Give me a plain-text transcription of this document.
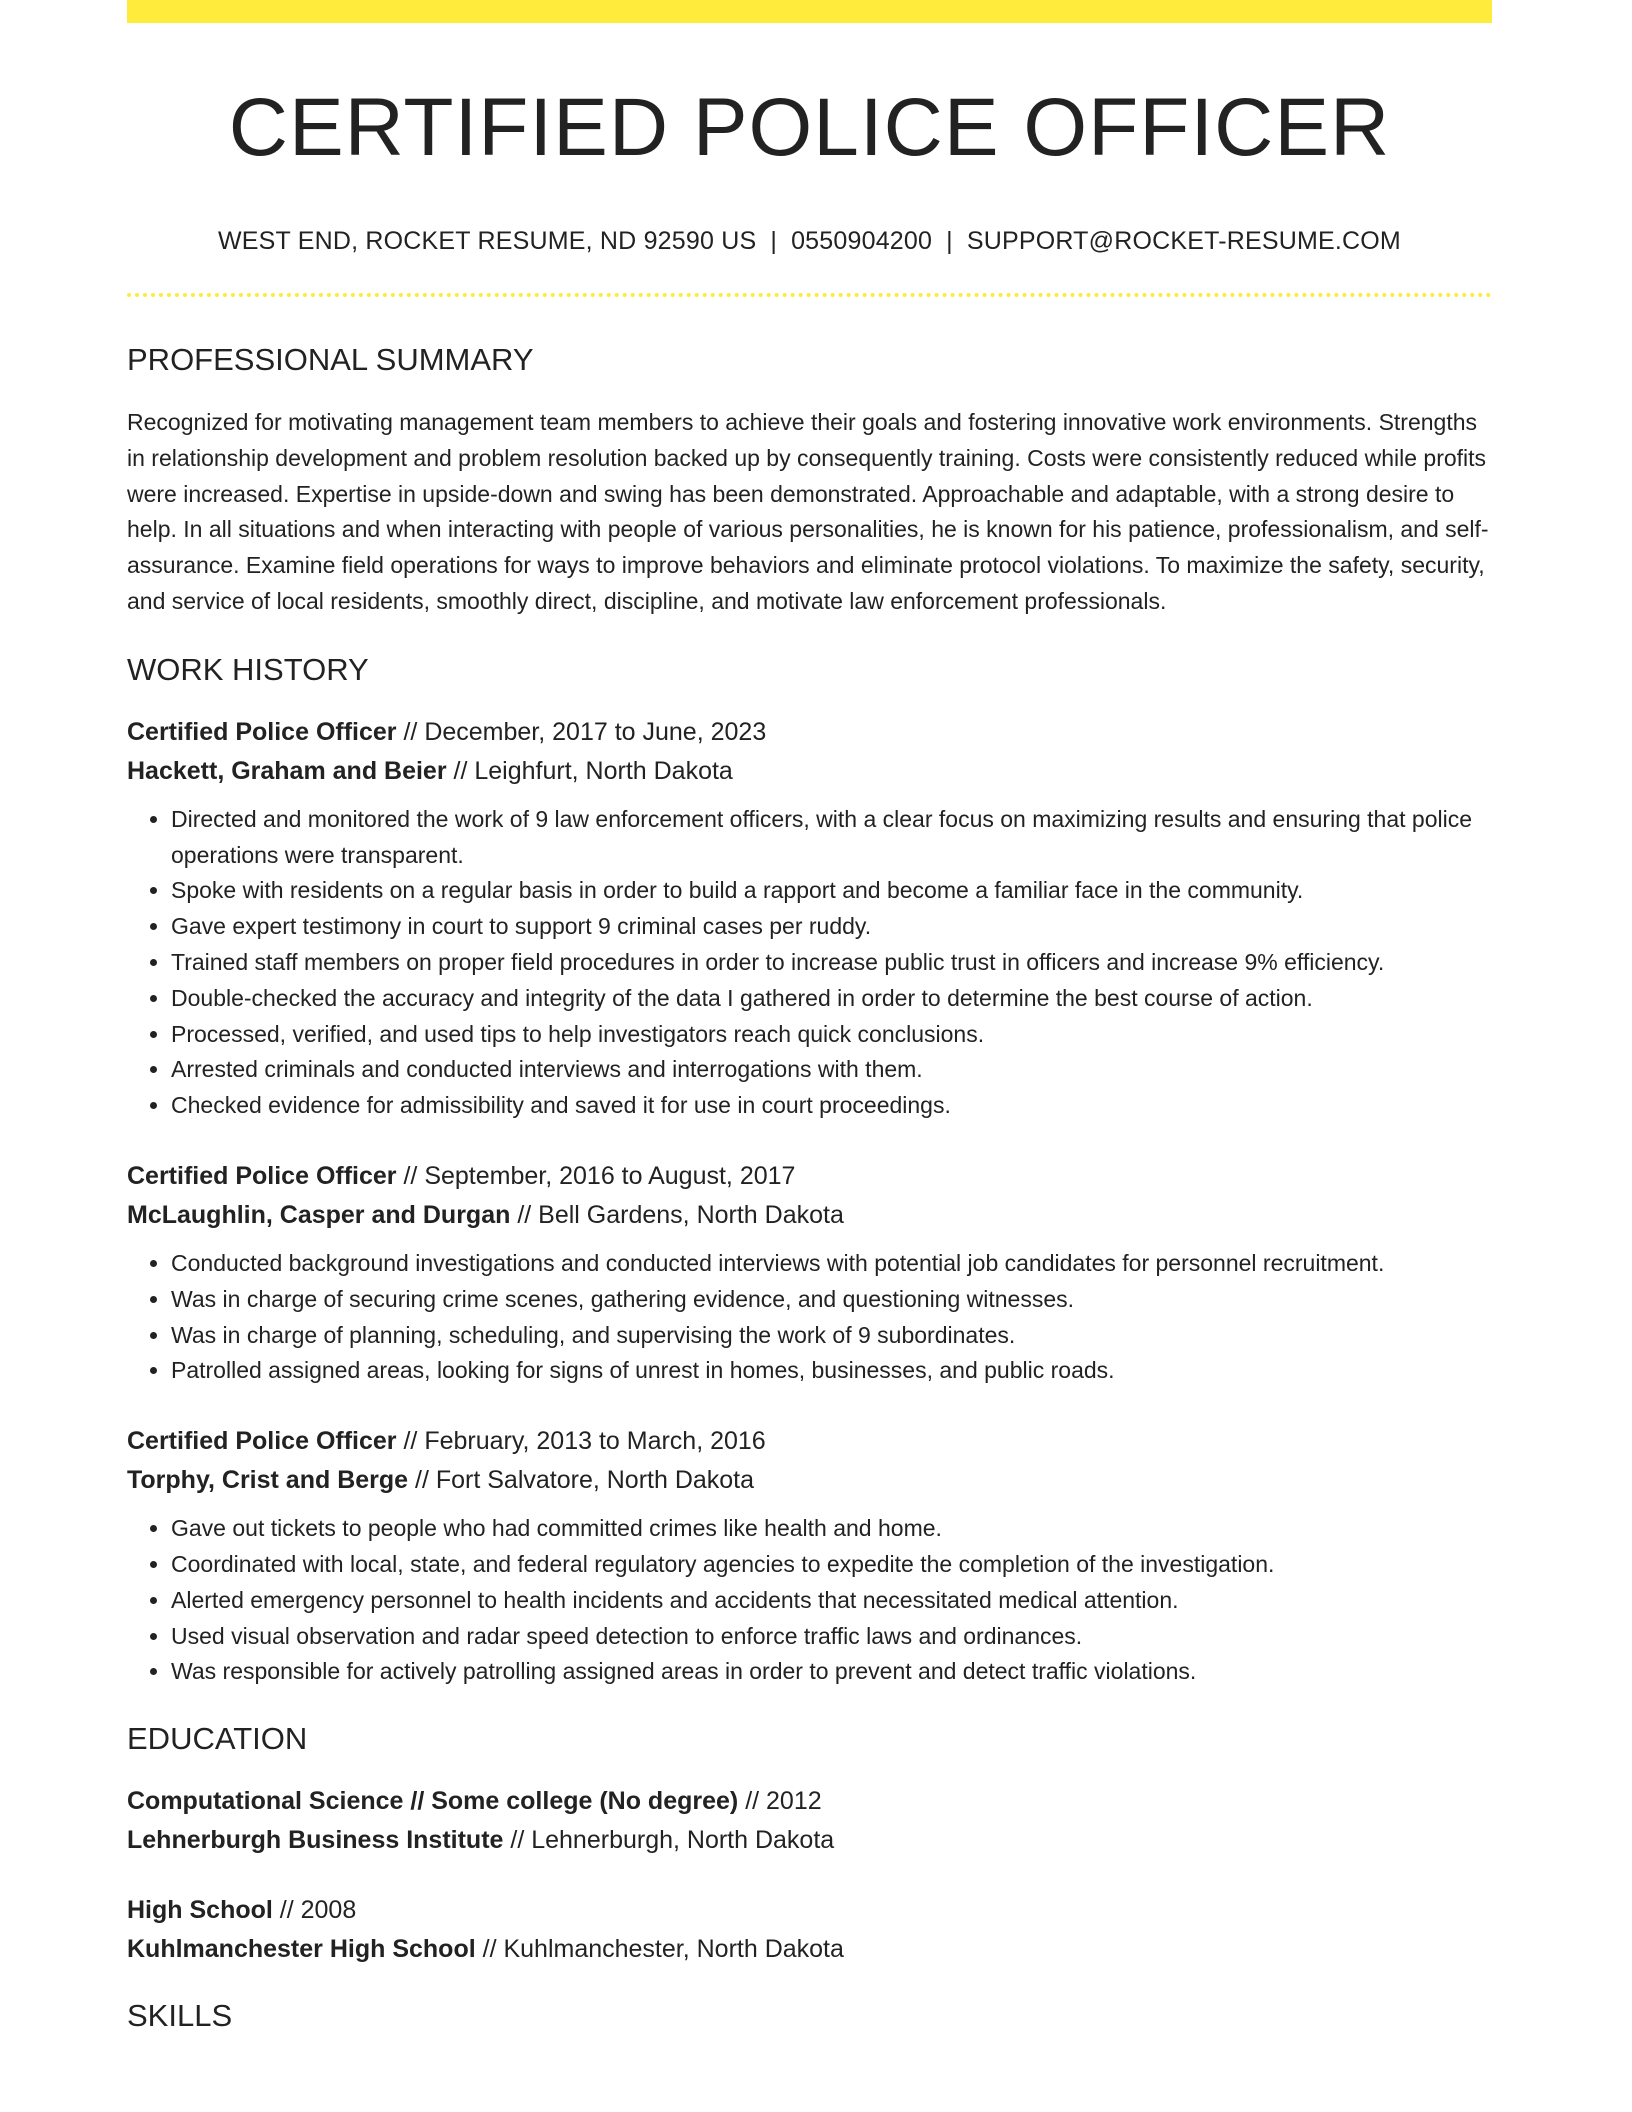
CERTIFIED POLICE OFFICER
WEST END, ROCKET RESUME, ND 92590 US | 0550904200 | SUPPORT@ROCKET-RESUME.COM
PROFESSIONAL SUMMARY

Recognized for motivating management team members to achieve their goals and fostering innovative work environments. Strengths in relationship development and problem resolution backed up by consequently training. Costs were consistently reduced while profits were increased. Expertise in upside-down and swing has been demonstrated. Approachable and adaptable, with a strong desire to help. In all situations and when interacting with people of various personalities, he is known for his patience, professionalism, and self-assurance. Examine field operations for ways to improve behaviors and eliminate protocol violations. To maximize the safety, security, and service of local residents, smoothly direct, discipline, and motivate law enforcement professionals.

WORK HISTORY
Certified Police Officer // December, 2017 to June, 2023
Hackett, Graham and Beier // Leighfurt, North Dakota
• Directed and monitored the work of 9 law enforcement officers, with a clear focus on maximizing results and ensuring that police operations were transparent.
• Spoke with residents on a regular basis in order to build a rapport and become a familiar face in the community.
• Gave expert testimony in court to support 9 criminal cases per ruddy.
• Trained staff members on proper field procedures in order to increase public trust in officers and increase 9% efficiency.
• Double-checked the accuracy and integrity of the data I gathered in order to determine the best course of action.
• Processed, verified, and used tips to help investigators reach quick conclusions.
• Arrested criminals and conducted interviews and interrogations with them.
• Checked evidence for admissibility and saved it for use in court proceedings.
Certified Police Officer // September, 2016 to August, 2017
McLaughlin, Casper and Durgan // Bell Gardens, North Dakota
• Conducted background investigations and conducted interviews with potential job candidates for personnel recruitment.
• Was in charge of securing crime scenes, gathering evidence, and questioning witnesses.
• Was in charge of planning, scheduling, and supervising the work of 9 subordinates.
• Patrolled assigned areas, looking for signs of unrest in homes, businesses, and public roads.
Certified Police Officer // February, 2013 to March, 2016
Torphy, Crist and Berge // Fort Salvatore, North Dakota
• Gave out tickets to people who had committed crimes like health and home.
• Coordinated with local, state, and federal regulatory agencies to expedite the completion of the investigation.
• Alerted emergency personnel to health incidents and accidents that necessitated medical attention.
• Used visual observation and radar speed detection to enforce traffic laws and ordinances.
• Was responsible for actively patrolling assigned areas in order to prevent and detect traffic violations.
EDUCATION
Computational Science // Some college (No degree) // 2012
Lehnerburgh Business Institute // Lehnerburgh, North Dakota
High School // 2008
Kuhlmanchester High School // Kuhlmanchester, North Dakota
SKILLS
